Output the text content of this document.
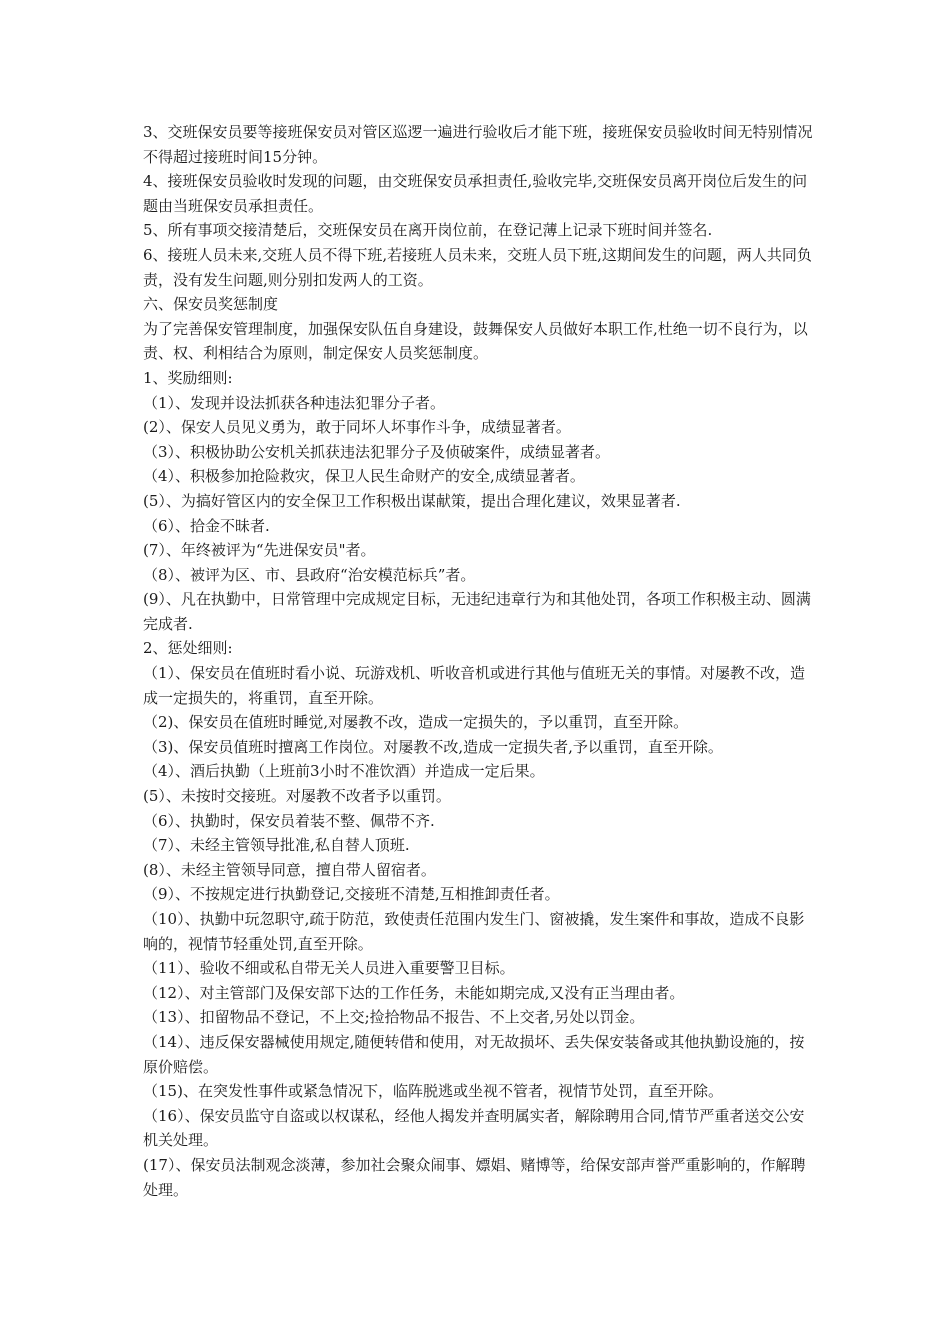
3、交班保安员要等接班保安员对管区巡逻一遍进行验收后才能下班，接班保安员验收时间无特别情况不得超过接班时间15分钟。

4、接班保安员验收时发现的问题，由交班保安员承担责任,验收完毕,交班保安员离开岗位后发生的问题由当班保安员承担责任。

5、所有事项交接清楚后，交班保安员在离开岗位前，在登记薄上记录下班时间并签名.

6、接班人员未来,交班人员不得下班,若接班人员未来，交班人员下班,这期间发生的问题，两人共同负责，没有发生问题,则分别扣发两人的工资。

六、保安员奖惩制度

为了完善保安管理制度，加强保安队伍自身建设，鼓舞保安人员做好本职工作,杜绝一切不良行为，以责、权、利相结合为原则，制定保安人员奖惩制度。

1、奖励细则:

（1）、发现并设法抓获各种违法犯罪分子者。

(2）、保安人员见义勇为，敢于同坏人坏事作斗争，成绩显著者。

（3）、积极协助公安机关抓获违法犯罪分子及侦破案件，成绩显著者。

（4）、积极参加抢险救灾，保卫人民生命财产的安全,成绩显著者。

(5）、为搞好管区内的安全保卫工作积极出谋献策，提出合理化建议，效果显著者.

（6）、拾金不昧者.

(7）、年终被评为“先进保安员"者。

（8）、被评为区、市、县政府“治安模范标兵”者。

(9）、凡在执勤中，日常管理中完成规定目标，无违纪违章行为和其他处罚，各项工作积极主动、圆满完成者.

2、惩处细则:

（1）、保安员在值班时看小说、玩游戏机、听收音机或进行其他与值班无关的事情。对屡教不改，造成一定损失的，将重罚，直至开除。

（2)、保安员在值班时睡觉,对屡教不改，造成一定损失的，予以重罚，直至开除。

（3)、保安员值班时擅离工作岗位。对屡教不改,造成一定损失者,予以重罚，直至开除。

（4）、酒后执勤（上班前3小时不准饮酒）并造成一定后果。

(5）、未按时交接班。对屡教不改者予以重罚。

（6）、执勤时，保安员着装不整、佩带不齐.

（7）、未经主管领导批准,私自替人顶班.

(8）、未经主管领导同意，擅自带人留宿者。

（9）、不按规定进行执勤登记,交接班不清楚,互相推卸责任者。

（10）、执勤中玩忽职守,疏于防范，致使责任范围内发生门、窗被撬，发生案件和事故，造成不良影响的，视情节轻重处罚,直至开除。

（11）、验收不细或私自带无关人员进入重要警卫目标。

（12）、对主管部门及保安部下达的工作任务，未能如期完成,又没有正当理由者。

（13）、扣留物品不登记，不上交;捡拾物品不报告、不上交者,另处以罚金。

（14）、违反保安器械使用规定,随便转借和使用，对无故损坏、丢失保安装备或其他执勤设施的，按原价赔偿。

（15)、在突发性事件或紧急情况下，临阵脱逃或坐视不管者，视情节处罚，直至开除。

（16）、保安员监守自盗或以权谋私，经他人揭发并查明属实者，解除聘用合同,情节严重者送交公安机关处理。

(17）、保安员法制观念淡薄，参加社会聚众闹事、嫖娼、赌博等，给保安部声誉严重影响的，作解聘处理。
